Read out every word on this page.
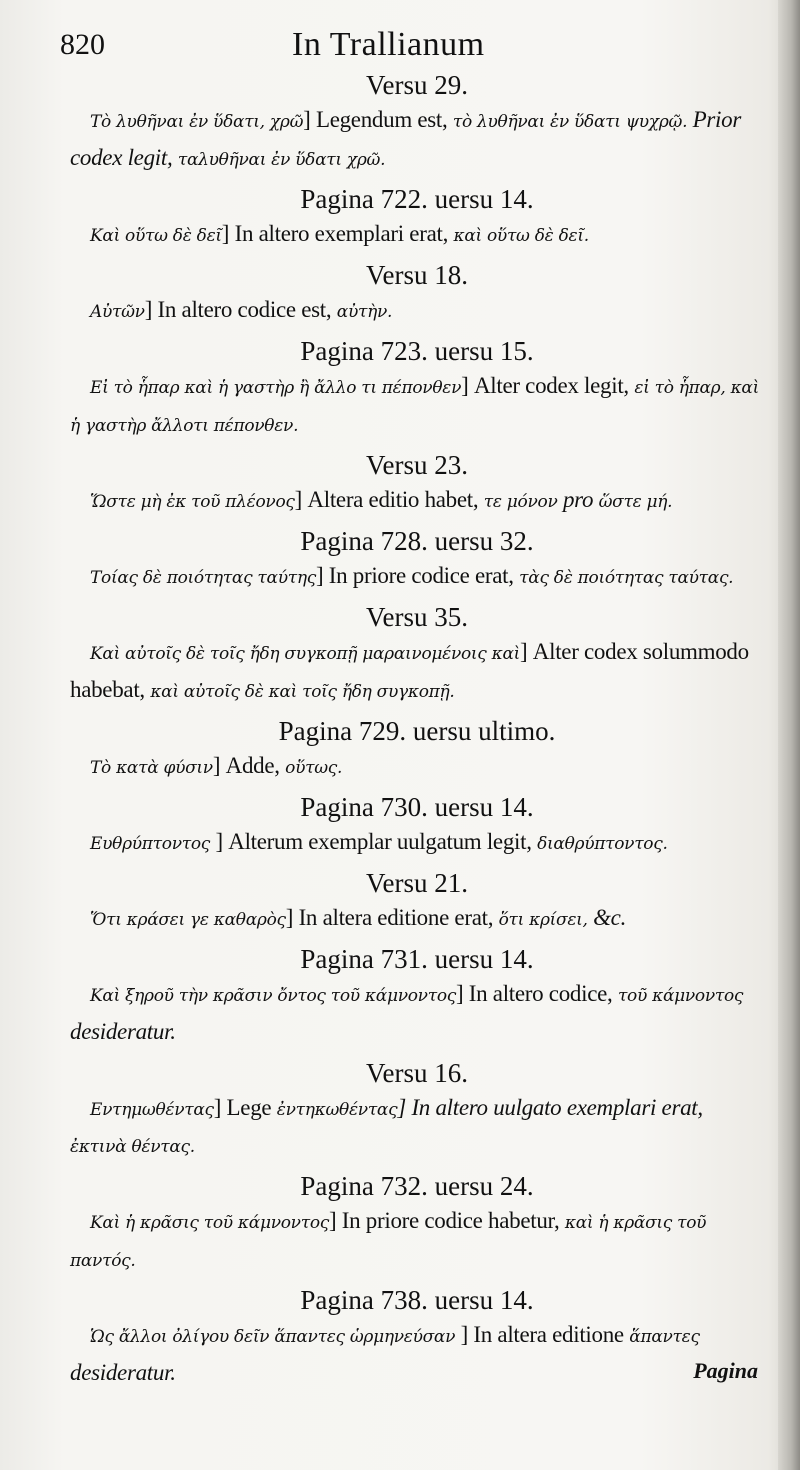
820	In Trallianum

Versu 29.

Τὸ λυθῆναι ἐν ὕδατι, χρῶ] Legendum est, τὸ λυθῆναι ἐν ὕδατι ψυχρῷ. Prior codex legit, ταλυθῆναι ἐν ὕδατι χρῶ.

Pagina 722. uersu 14.

Καὶ οὕτω δὲ δεῖ] In altero exemplari erat, καὶ οὕτω δὲ δεῖ.

Versu 18.

Αὐτῶν] In altero codice est, αὐτὴν.

Pagina 723. uersu 15.

Εἰ τὸ ἧπαρ καὶ ἡ γαστὴρ ἢ ἄλλο τι πέπονθεν] Alter codex legit, εἰ τὸ ἧπαρ, καὶ ἡ γαστὴρ ἄλλοτι πέπονθεν.

Versu 23.

Ὥστε μὴ ἐκ τοῦ πλέονος] Altera editio habet, τε μόνον pro ὥστε μή.

Pagina 728. uersu 32.

Τοίας δὲ ποιότητας ταύτης] In priore codice erat, τὰς δὲ ποιότητας ταύτας.

Versu 35.

Καὶ αὐτοῖς δὲ τοῖς ἤδη συγκοπῇ μαραινομένοις καὶ] Alter codex solummodo habebat, καὶ αὐτοῖς δὲ καὶ τοῖς ἤδη συγκοπῇ.

Pagina 729. uersu ultimo.

Τὸ κατὰ φύσιν] Adde, οὕτως.

Pagina 730. uersu 14.

Ευθρύπτοντος ] Alterum exemplar uulgatum legit, διαθρύπτοντος.

Versu 21.

Ὅτι κράσει γε καθαρὸς] In altera editione erat, ὅτι κρίσει, &c.

Pagina 731. uersu 14.

Καὶ ξηροῦ τὴν κρᾶσιν ὄντος τοῦ κάμνοντος] In altero codice, τοῦ κάμνοντος desideratur.

Versu 16.

Εντημωθέντας] Lege ἐντηκωθέντας] In altero uulgato exemplari erat, ἐκτινὰ θέντας.

Pagina 732. uersu 24.

Καὶ ἡ κρᾶσις τοῦ κάμνοντος] In priore codice habetur, καὶ ἡ κρᾶσις τοῦ παντός.

Pagina 738. uersu 14.

Ὡς ἄλλοι ὀλίγου δεῖν ἅπαντες ὡρμηνεύσαν ] In altera editione ἅπαντες desideratur.	Pagina
